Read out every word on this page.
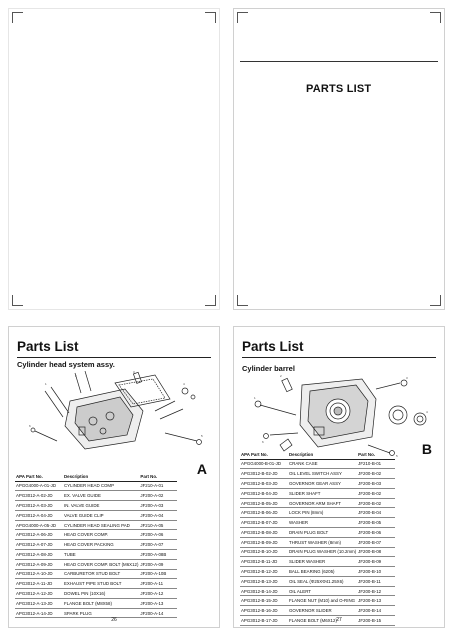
PARTS LIST
Parts List
Cylinder head system assy.
1
2
3
4
5
6
A
APA Part No.	Description	Part No.
APGG4000-A-01-JD	CYLINDER HEAD COMP	JF210-A-01
APG3012-A-02-JD	EX. VALVE GUIDE	JF200-A-02
APG3012-A-03-JD	IN. VALVE GUIDE	JF200-A-03
APG3012-A-04-JD	VALVE GUIDE CLIP	JF200-A-04
APGG4000-A-05-JD	CYLINDER HEAD SEALING PAD	JF210-A-05
APG3012-A-06-JD	HEAD COVER COMP.	JF200-A-06
APG3012-A-07-JD	HEAD COVER PACKING	JF200-A-07
APG3012-A-08-JD	TUBE	JF200-A-08B
APG3012-A-09-JD	HEAD COVER COMP. BOLT (M6X12)	JF200-A-09
APG3012-A-10-JD	CARBURETOR STUD BOLT	JF200-A-10B
APG3012-A-11-JD	EXHAUST PIPE STUD BOLT	JF200-A-11
APG3012-A-12-JD	DOWEL PIN (10X16)	JF200-A-12
APG3012-A-13-JD	FLANGE BOLT (M8X58)	JF200-A-13
APG3012-A-14-JD	SPARK PLUG	JF200-A-14
26
Parts List
Cylinder barrel
1
2	3
4
5
6	B
APA Part No.	Description	Part No.
APGG4000-B-01-JD	CRANK CASE	JF210-B-01
APG3012-B-02-JD	OIL LEVEL SWITCH ASSY	JF200-B-02
APG3012-B-03-JD	GOVERNOR GEAR ASSY	JF200-B-03
APG3012-B-04-JD	SLIDER SHAFT	JF200-B-02
APG3012-B-05-JD	GOVERNOR ARM SHAFT	JF200-B-02
APG3012-B-06-JD	LOCK PIN (8mm)	JF200-B-04
APG3012-B-07-JD	WASHER	JF200-B-05
APG3012-B-08-JD	DRAIN PLUG BOLT	JF200-B-06
APG3012-B-09-JD	THRUST WASHER (8mm)	JF200-B-07
APG3012-B-10-JD	DRAIN PLUG WASHER (10.2mm)	JF200-B-08
APG3012-B-11-JD	SLIDER WASHER	JF200-B-09
APG3012-B-12-JD	BALL BEARING (6205)	JF200-B-10
APG3012-B-13-JD	OIL SEAL (Φ25XΦ41.25X6)	JF200-B-11
APG3012-B-14-JD	OIL ALERT	JF200-B-12
APG3012-B-15-JD	FLANGE NUT (M10) and O-RING	JF200-B-13
APG3012-B-16-JD	GOVERNOR SLIDER	JF200-B-14
APG3012-B-17-JD	FLANGE BOLT (M6X12)	JF200-B-15
27
